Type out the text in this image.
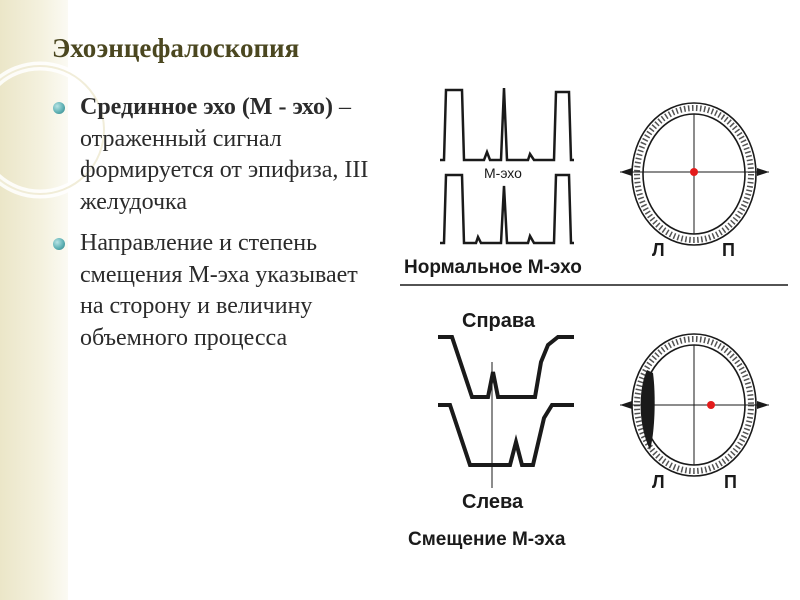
Эхоэнцефалоскопия
Срединное эхо (М - эхо) – отраженный сигнал формируется от эпифиза, III желудочка
Направление и степень смещения М-эха указывает на сторону и величину объемного процесса
М-эхо
Л	П
Нормальное М-эхо
Справа
Слева
Л	П
Смещение М-эха
